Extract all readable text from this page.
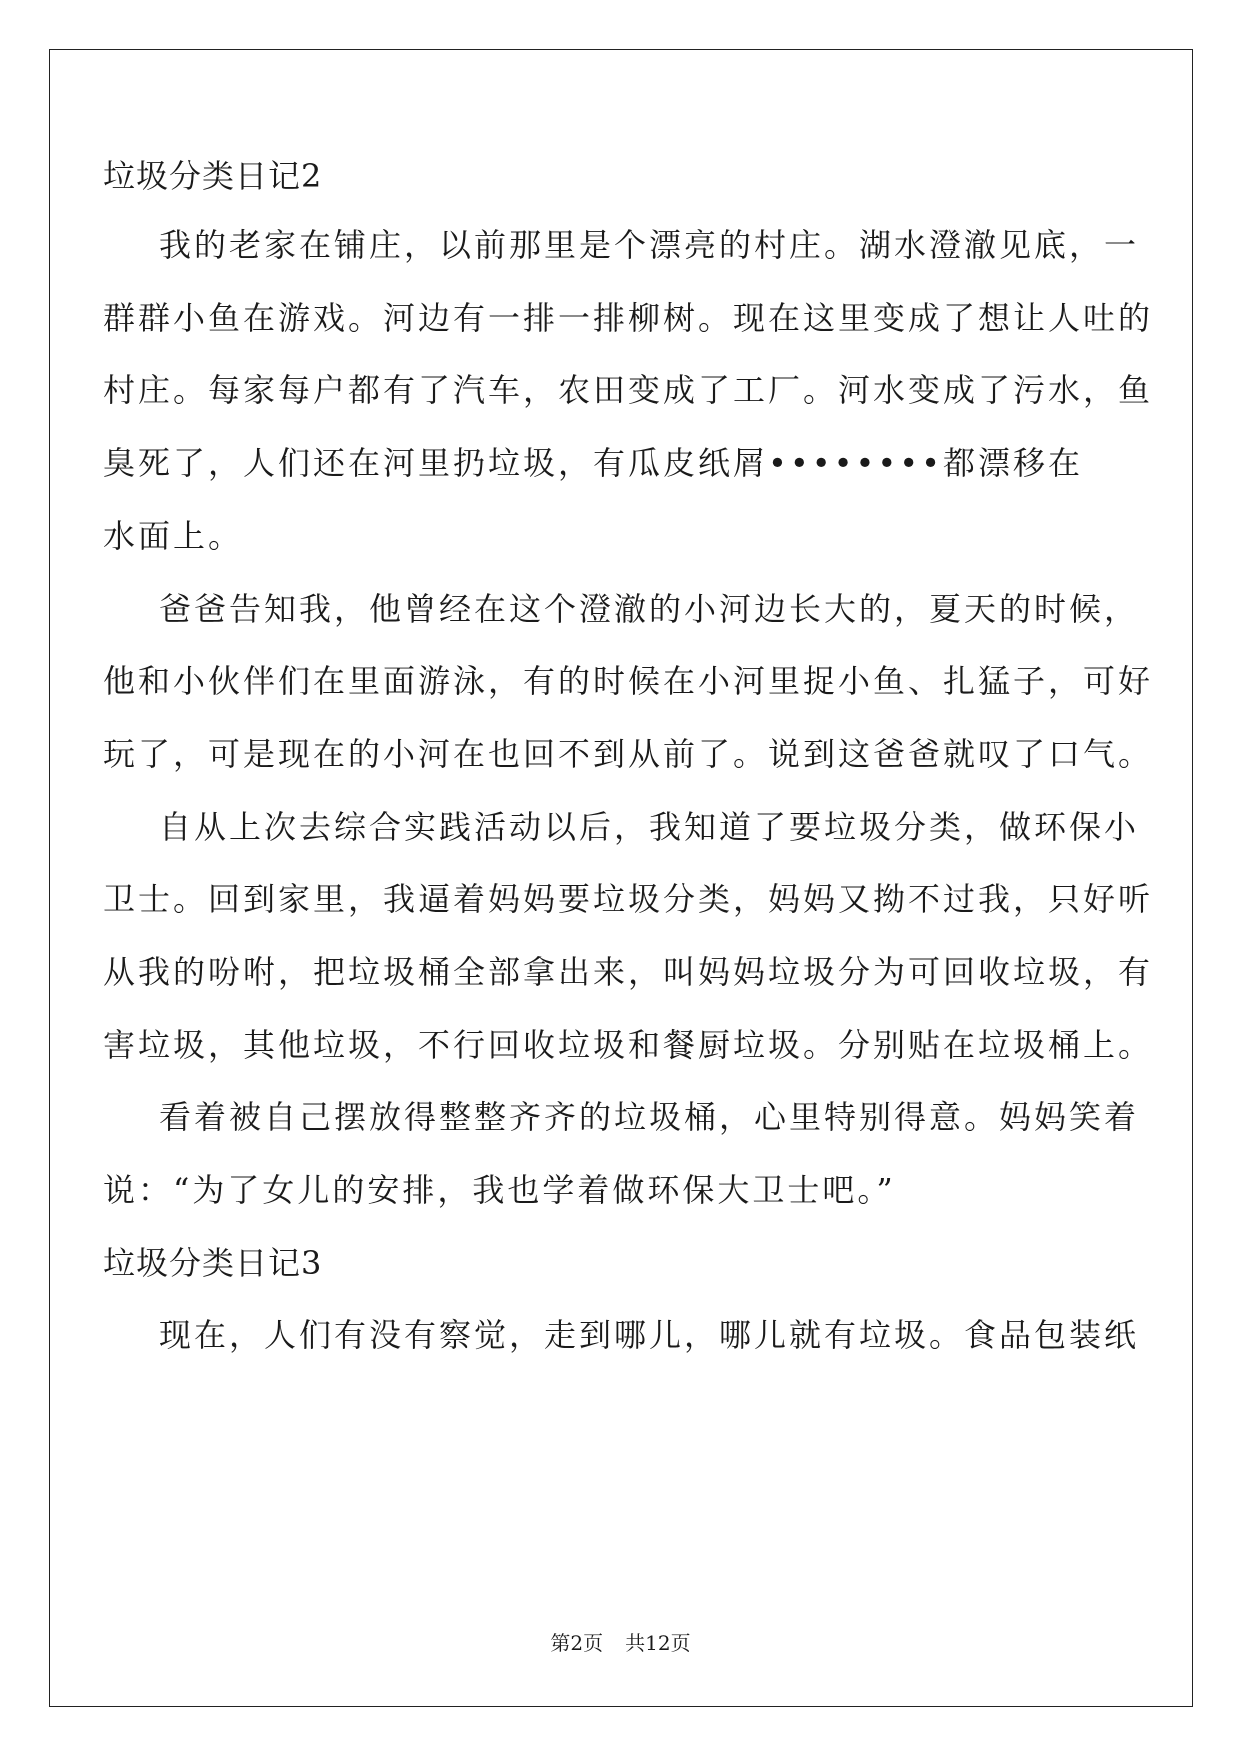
垃圾分类日记2
我的老家在铺庄，以前那里是个漂亮的村庄。湖水澄澈见底，一
群群小鱼在游戏。河边有一排一排柳树。现在这里变成了想让人吐的
村庄。每家每户都有了汽车，农田变成了工厂。河水变成了污水，鱼
臭死了，人们还在河里扔垃圾，有瓜皮纸屑••••••••都漂移在
水面上。
爸爸告知我，他曾经在这个澄澈的小河边长大的，夏天的时候，
他和小伙伴们在里面游泳，有的时候在小河里捉小鱼、扎猛子，可好
玩了，可是现在的小河在也回不到从前了。说到这爸爸就叹了口气。
自从上次去综合实践活动以后，我知道了要垃圾分类，做环保小
卫士。回到家里，我逼着妈妈要垃圾分类，妈妈又拗不过我，只好听
从我的吩咐，把垃圾桶全部拿出来，叫妈妈垃圾分为可回收垃圾，有
害垃圾，其他垃圾，不行回收垃圾和餐厨垃圾。分别贴在垃圾桶上。
看着被自己摆放得整整齐齐的垃圾桶，心里特别得意。妈妈笑着
说：“为了女儿的安排，我也学着做环保大卫士吧。”
垃圾分类日记3
现在，人们有没有察觉，走到哪儿，哪儿就有垃圾。食品包装纸
第2页 共12页
